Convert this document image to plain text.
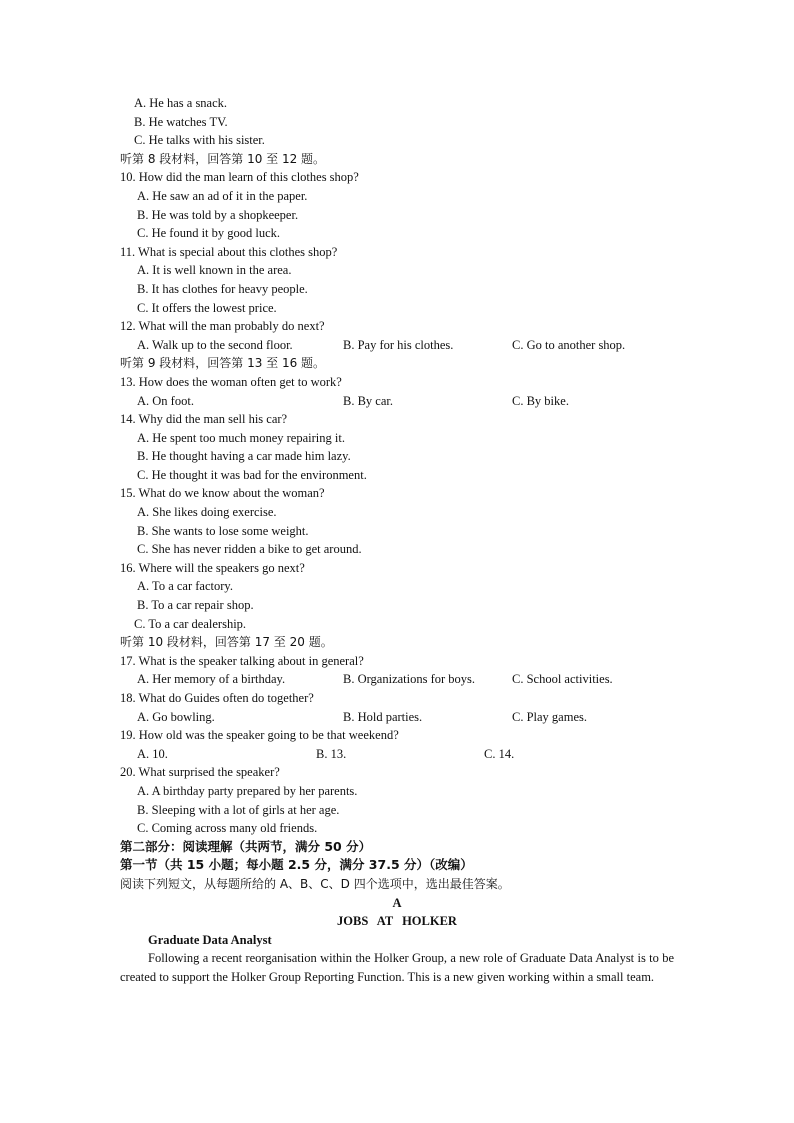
A. He has a snack.
B. He watches TV.
C. He talks with his sister.
听第 8 段材料，回答第 10 至 12 题。
10. How did the man learn of this clothes shop?
A. He saw an ad of it in the paper.
B. He was told by a shopkeeper.
C. He found it by good luck.
11. What is special about this clothes shop?
A. It is well known in the area.
B. It has clothes for heavy people.
C. It offers the lowest price.
12. What will the man probably do next?
A. Walk up to the second floor.	B. Pay for his clothes.	C. Go to another shop.
听第 9 段材料，回答第 13 至 16 题。
13. How does the woman often get to work?
A. On foot.	B. By car.	C. By bike.
14. Why did the man sell his car?
A. He spent too much money repairing it.
B. He thought having a car made him lazy.
C. He thought it was bad for the environment.
15. What do we know about the woman?
A. She likes doing exercise.
B. She wants to lose some weight.
C. She has never ridden a bike to get around.
16. Where will the speakers go next?
A. To a car factory.
B. To a car repair shop.
C. To a car dealership.
听第 10 段材料，回答第 17 至 20 题。
17. What is the speaker talking about in general?
A. Her memory of a birthday.	B. Organizations for boys.	C. School activities.
18. What do Guides often do together?
A. Go bowling.	B. Hold parties.	C. Play games.
19. How old was the speaker going to be that weekend?
A. 10.	B. 13.	C. 14.
20. What surprised the speaker?
A. A birthday party prepared by her parents.
B. Sleeping with a lot of girls at her age.
C. Coming across many old friends.
第二部分：阅读理解（共两节，满分 50 分）
第一节（共 15 小题；每小题 2.5 分，满分 37.5 分）（改编）
阅读下列短文，从每题所给的 A、B、C、D 四个选项中，选出最佳答案。
A
JOBS AT HOLKER
Graduate Data Analyst
Following a recent reorganisation within the Holker Group, a new role of Graduate Data Analyst is to be created to support the Holker Group Reporting Function. This is a new given working within a small team.
